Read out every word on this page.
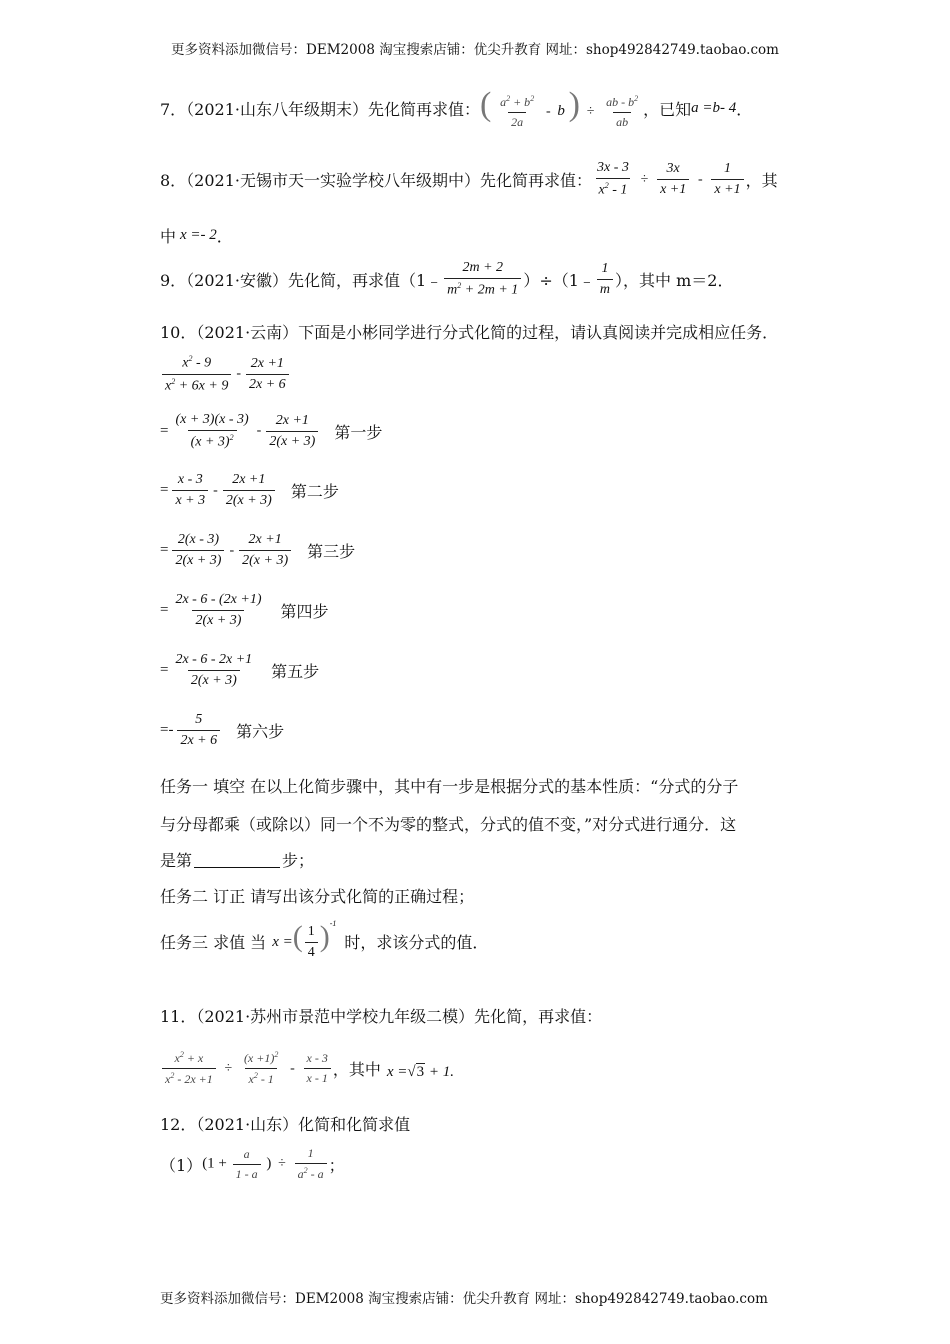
更多资料添加微信号：DEM2008 淘宝搜索店铺：优尖升教育 网址：shop492842749.taobao.com
7．（2021·山东八年级期末）先化简再求值： ( $\frac{a^2 + b^2}{2a}$ - b ) ÷ $\frac{ab - b^2}{ab}$ ，已知 a =b- 4 ．
8．（2021·无锡市天一实验学校八年级期中）先化简再求值： $\frac{3x - 3}{x^2 - 1} \div \frac{3x}{x +1} - \frac{1}{x +1}$ ，其
中 x =- 2 ．
9．（2021·安徽）先化简，再求值（1﹣ $\frac{2m + 2}{m^2 + 2m + 1}$ ）÷（1﹣ $\frac{1}{m}$ ），其中 m＝2．
10．（2021·云南）下面是小彬同学进行分式化简的过程，请认真阅读并完成相应任务．
$\frac{x^2 - 9}{x^2 + 6x + 9} - \frac{2x +1}{2x + 6}$
= $\frac{(x + 3)(x - 3)}{(x + 3)^2} - \frac{2x +1}{2(x + 3)}$ 第一步
= $\frac{x - 3}{x + 3} - \frac{2x +1}{2(x + 3)}$ 第二步
= $\frac{2(x - 3)}{2(x + 3)} - \frac{2x +1}{2(x + 3)}$ 第三步
= $\frac{2x - 6 - (2x +1)}{2(x + 3)}$ 第四步
= $\frac{2x - 6 - 2x +1}{2(x + 3)}$ 第五步
=- $\frac{5}{2x + 6}$ 第六步
任务一 填空 在以上化简步骤中，其中有一步是根据分式的基本性质：“分式的分子
与分母都乘（或除以）同一个不为零的整式，分式的值不变，”对分式进行通分．这
是第	步；
任务二 订正 请写出该分式化简的正确过程；
任务三 求值 当 x =( $\frac{1}{4} )^{-1}$
时，求该分式的值．
11．（2021·苏州市景范中学校九年级二模）先化简，再求值：
$\frac{x^2 + x}{x^2 - 2x +1} \div \frac{(x +1)^2}{x^2 - 1} - \frac{x - 3}{x - 1}$ ，其中 x =√3 + 1.
12．（2021·山东）化简和化简求值
（1） ($1 + \frac{a}{1 - a}$ ) ÷ $\frac{1}{a^2 - a}$ ；
更多资料添加微信号：DEM2008 淘宝搜索店铺：优尖升教育 网址：shop492842749.taobao.com
